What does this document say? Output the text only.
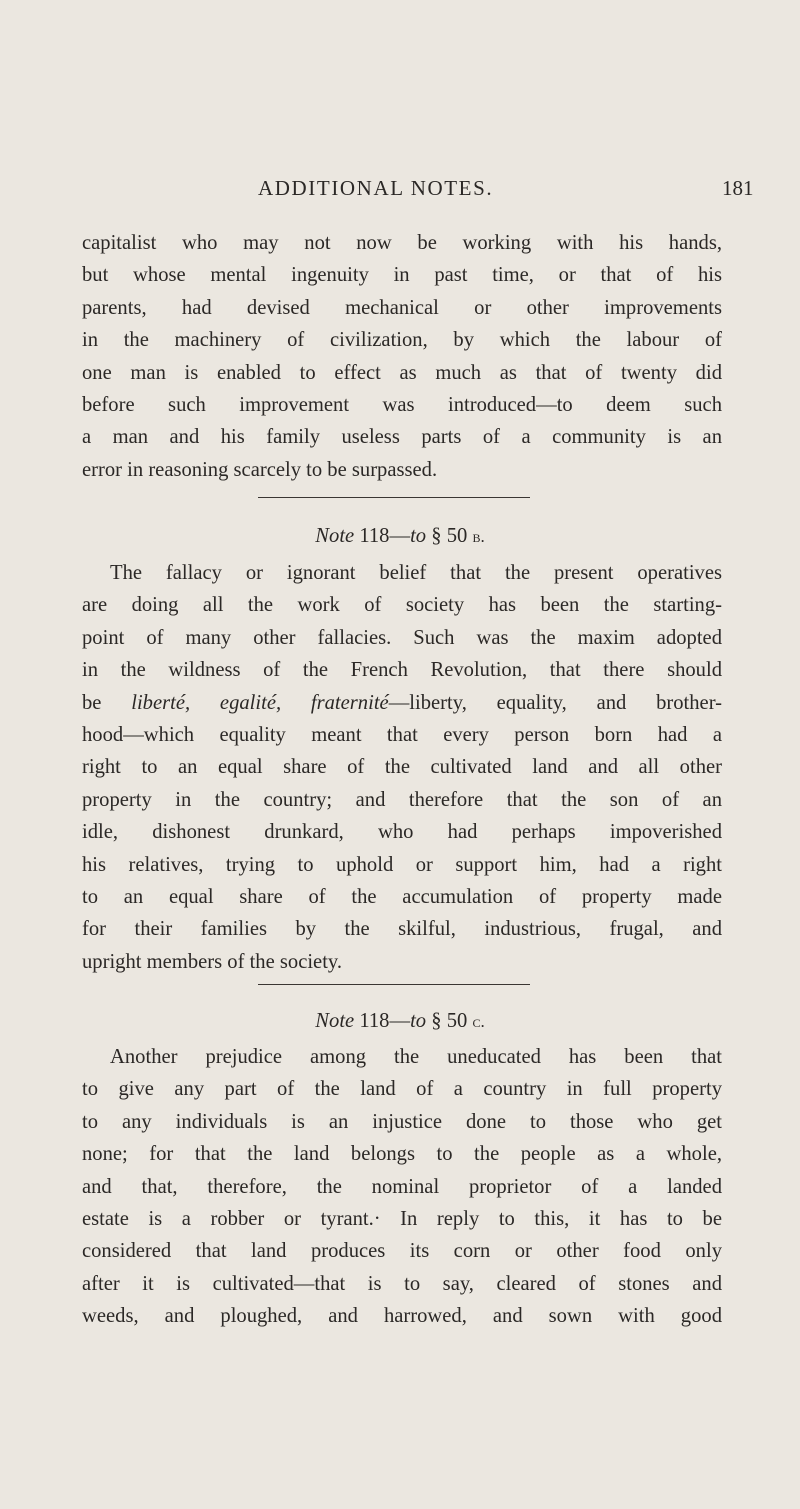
ADDITIONAL NOTES.	181
capitalist who may not now be working with his hands,
but whose mental ingenuity in past time, or that of his
parents, had devised mechanical or other improvements
in the machinery of civilization, by which the labour of
one man is enabled to effect as much as that of twenty did
before such improvement was introduced—to deem such
a man and his family useless parts of a community is an
error in reasoning scarcely to be surpassed.
Note 118—to § 50 b.
The fallacy or ignorant belief that the present operatives
are doing all the work of society has been the starting-
point of many other fallacies. Such was the maxim adopted
in the wildness of the French Revolution, that there should
be liberté, egalité, fraternité—liberty, equality, and brother-
hood—which equality meant that every person born had a
right to an equal share of the cultivated land and all other
property in the country; and therefore that the son of an
idle, dishonest drunkard, who had perhaps impoverished
his relatives, trying to uphold or support him, had a right
to an equal share of the accumulation of property made
for their families by the skilful, industrious, frugal, and
upright members of the society.
Note 118—to § 50 c.
Another prejudice among the uneducated has been that
to give any part of the land of a country in full property
to any individuals is an injustice done to those who get
none; for that the land belongs to the people as a whole,
and that, therefore, the nominal proprietor of a landed
estate is a robber or tyrant.· In reply to this, it has to be
considered that land produces its corn or other food only
after it is cultivated—that is to say, cleared of stones and
weeds, and ploughed, and harrowed, and sown with good
